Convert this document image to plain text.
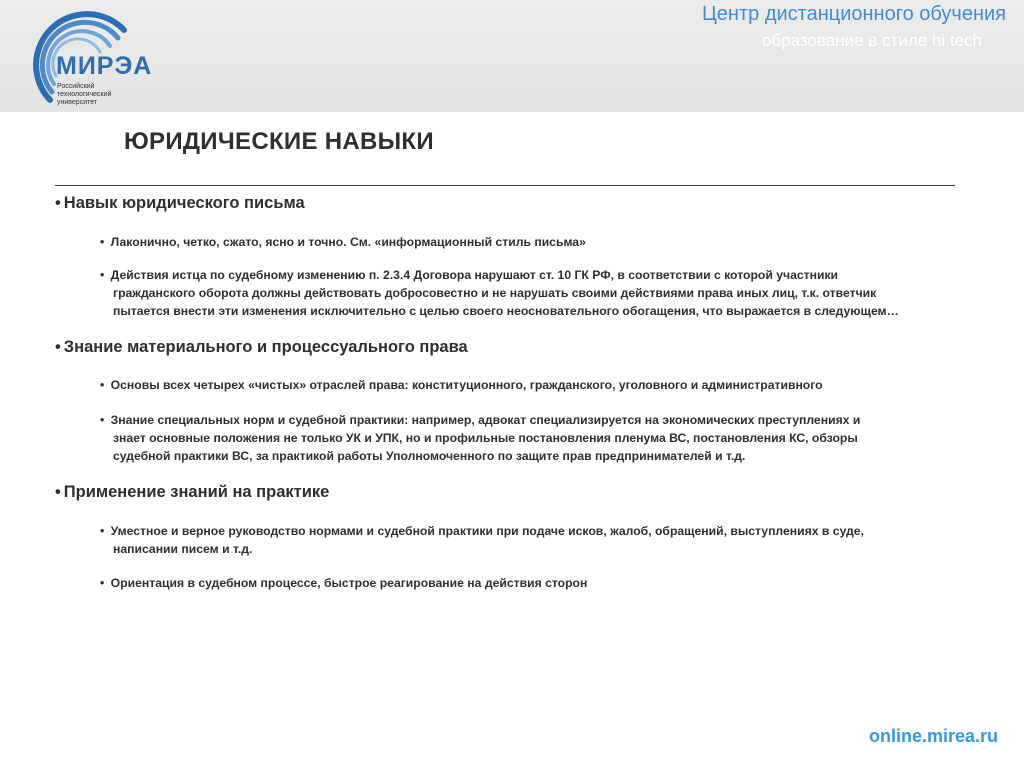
МИРЭА
Российский
технологический
университет
Центр дистанционного обучения
образование в стиле hi tech
ЮРИДИЧЕСКИЕ НАВЫКИ
• Навык юридического письма
• Лаконично, четко, сжато, ясно и точно. См. «информационный стиль письма»
• Действия истца по судебному изменению п. 2.3.4 Договора нарушают ст. 10 ГК РФ, в соответствии с которой участники
гражданского оборота должны действовать добросовестно и не нарушать своими действиями права иных лиц, т.к. ответчик
пытается внести эти изменения исключительно с целью своего неосновательного обогащения, что выражается в следующем…
• Знание материального и процессуального права
• Основы всех четырех «чистых» отраслей права: конституционного, гражданского, уголовного и административного
• Знание специальных норм и судебной практики: например, адвокат специализируется на экономических преступлениях и
знает основные положения не только УК и УПК, но и профильные постановления пленума ВС, постановления КС, обзоры
судебной практики ВС, за практикой работы Уполномоченного по защите прав предпринимателей и т.д.
• Применение знаний на практике
• Уместное и верное руководство нормами и судебной практики при подаче исков, жалоб, обращений, выступлениях в суде,
написании писем и т.д.
• Ориентация в судебном процессе, быстрое реагирование на действия сторон
online.mirea.ru
